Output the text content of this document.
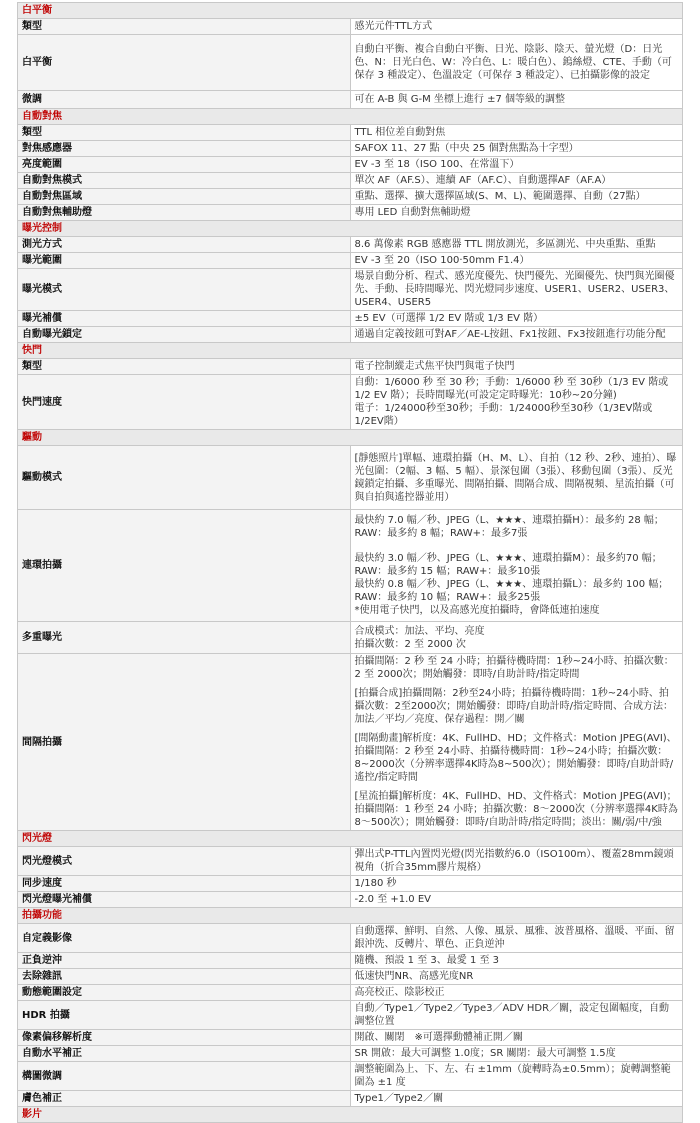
白平衡	
類型	感光元件TTL方式
白平衡	自動白平衡、複合自動白平衡、日光、陰影、陰天、螢光燈（D：日光色、N：日光白色、W：冷白色、L：暖白色）、鎢絲燈、CTE、手動（可保存 3 種設定）、色溫設定（可保存 3 種設定）、已拍攝影像的設定
微調	可在 A-B 與 G-M 坐標上進行 ±7 個等級的調整
自動對焦	
類型	TTL 相位差自動對焦
對焦感應器	SAFOX 11、27 點（中央 25 個對焦點為十字型）
亮度範圍	EV -3 至 18（ISO 100、在常溫下）
自動對焦模式	單次 AF（AF.S）、連續 AF（AF.C）、自動選擇AF（AF.A）
自動對焦區域	重點、選擇、擴大選擇區域(S、M、L)、範圍選擇、自動（27點）
自動對焦輔助燈	專用 LED 自動對焦輔助燈
曝光控制	
測光方式	8.6 萬像素 RGB 感應器 TTL 開放測光，多區測光、中央重點、重點
曝光範圍	EV -3 至 20（ISO 100·50mm F1.4）
曝光模式	場景自動分析、程式、感光度優先、快門優先、光圈優先、快門與光圈優先、手動、長時間曝光、閃光燈同步速度、USER1、USER2、USER3、USER4、USER5
曝光補償	±5 EV（可選擇 1/2 EV 階或 1/3 EV 階）
自動曝光鎖定	通過自定義按鈕可對AF／AE-L按鈕、Fx1按鈕、Fx3按鈕進行功能分配
快門	
類型	電子控制縱走式焦平快門與電子快門
快門速度	自動：1/6000 秒 至 30 秒；手動：1/6000 秒 至 30秒（1/3 EV 階或 1/2 EV 階）；長時間曝光(可設定定時曝光：10秒~20分鐘)
電子：1/24000秒至30秒；手動：1/24000秒至30秒（1/3EV階或1/2EV階）

驅動	
驅動模式	[靜態照片]單幅、連環拍攝（H、M、L）、自拍（12 秒、2秒、連拍）、曝光包圍：（2幅、3 幅、5 幅）、景深包圍（3張）、移動包圍（3張）、反光鏡鎖定拍攝、多重曝光、間隔拍攝、間隔合成、間隔視頻、星流拍攝（可與自拍與遙控器並用）
連環拍攝	最快約 7.0 幅／秒、JPEG（L、★★★、連環拍攝H）：最多約 28 幅；RAW：最多約 8 幅；RAW+：最多7張
最快約 3.0 幅／秒、JPEG（L、★★★、連環拍攝M）：最多約70 幅；RAW：最多約 15 幅；RAW+：最多10張
最快約 0.8 幅／秒、JPEG（L、★★★、連環拍攝L）：最多約 100 幅；RAW：最多約 10 幅；RAW+：最多25張
*使用電子快門，以及高感光度拍攝時，會降低連拍速度

多重曝光	合成模式：加法、平均、亮度
拍攝次數：2 至 2000 次

間隔拍攝	拍攝間隔：2 秒 至 24 小時；拍攝待機時間：1秒~24小時、拍攝次數：2 至 2000次；開始觸發：即時/自助計時/指定時間
[拍攝合成]拍攝間隔：2秒至24小時；拍攝待機時間：1秒~24小時、拍攝次數：2至2000次；開始觸發：即時/自助計時/指定時間、合成方法：加法／平均／亮度、保存過程：開／關
[間隔動畫]解析度：4K、FullHD、HD；文件格式：Motion JPEG(AVI)、拍攝間隔：2 秒至 24小時、拍攝待機時間：1秒~24小時；拍攝次數：8~2000次（分辨率選擇4K時為8~500次）；開始觸發：即時/自助計時/遙控/指定時間
[星流拍攝]解析度：4K、FullHD、HD、文件格式：Motion JPEG(AVI)；拍攝間隔：1 秒至 24 小時；拍攝次數：8～2000次（分辨率選擇4K時為8～500次）；開始觸發：即時/自助計時/指定時間；淡出：關/弱/中/強

閃光燈	
閃光燈模式	彈出式P-TTL內置閃光燈(閃光指數約6.0（ISO100m）、覆蓋28mm鏡頭視角（折合35mm膠片規格）
同步速度	1/180 秒
閃光燈曝光補償	-2.0 至 +1.0 EV
拍攝功能	
自定義影像	自動選擇、鮮明、自然、人像、風景、風雅、波普風格、溫暖、平面、留銀沖洗、反轉片、單色、正負逆沖
正負逆沖	隨機、預設 1 至 3、最愛 1 至 3
去除雜訊	低速快門NR、高感光度NR
動態範圍設定	高亮校正、陰影校正
HDR 拍攝	自動／Type1／Type2／Type3／ADV HDR／關，設定包圍幅度，自動調整位置
像素偏移解析度	開啟、關閉　※可選擇動體補正開／關
自動水平補正	SR 開啟：最大可調整 1.0度；SR 關閉：最大可調整 1.5度
構圖微調	調整範圍為上、下、左、右 ±1mm（旋轉時為±0.5mm）；旋轉調整範圍為 ±1 度
膚色補正	Type1／Type2／關
影片	
